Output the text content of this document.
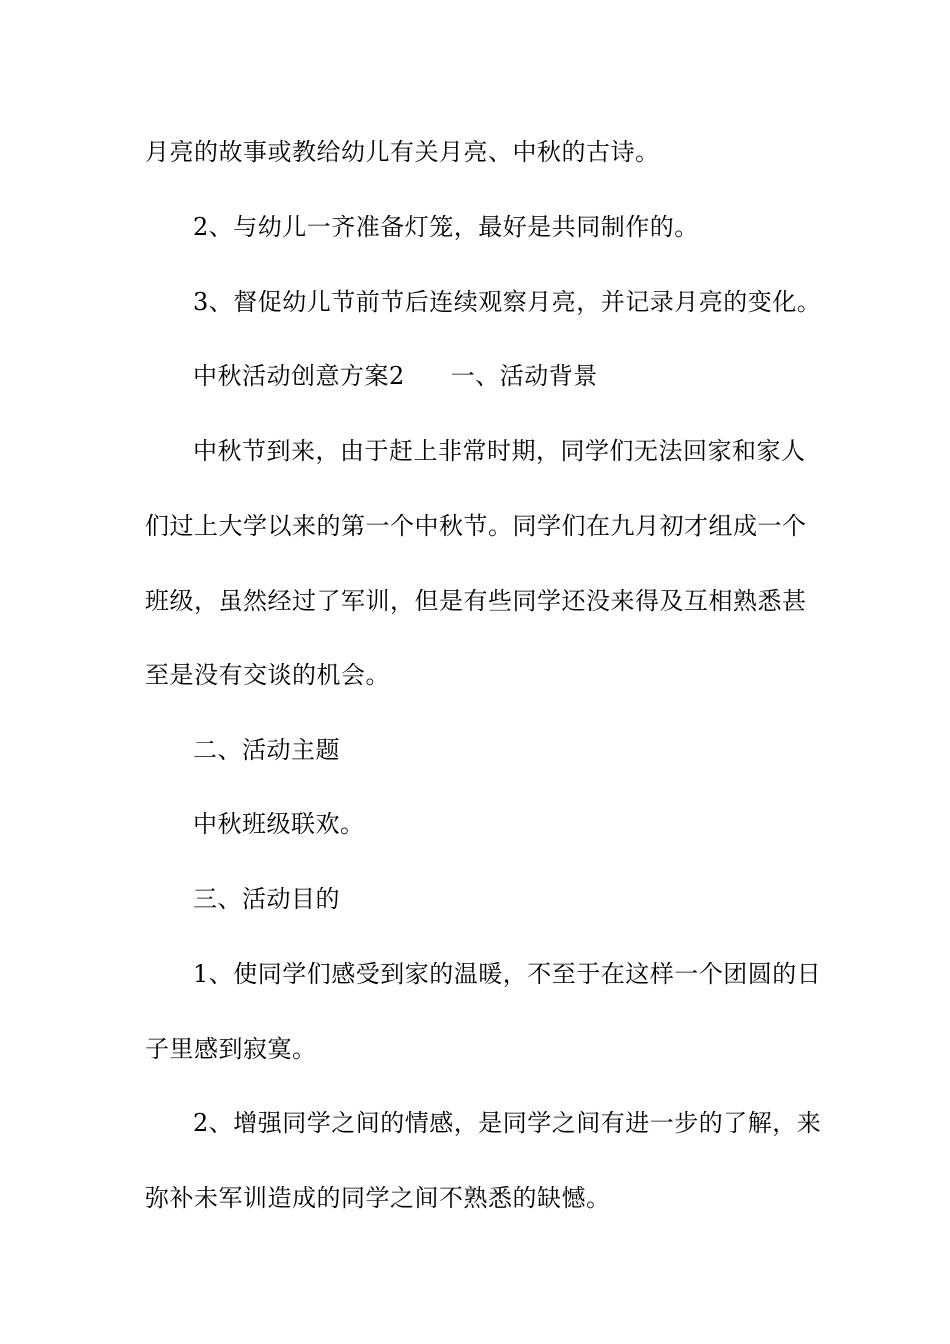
月亮的故事或教给幼儿有关月亮、中秋的古诗。
2、与幼儿一齐准备灯笼，最好是共同制作的。
3、督促幼儿节前节后连续观察月亮，并记录月亮的变化。
中秋活动创意方案2 一、活动背景
中秋节到来，由于赶上非常时期，同学们无法回家和家人
们过上大学以来的第一个中秋节。同学们在九月初才组成一个
班级，虽然经过了军训，但是有些同学还没来得及互相熟悉甚
至是没有交谈的机会。
二、活动主题
中秋班级联欢。
三、活动目的
1、使同学们感受到家的温暖，不至于在这样一个团圆的日
子里感到寂寞。
2、增强同学之间的情感，是同学之间有进一步的了解，来
弥补未军训造成的同学之间不熟悉的缺憾。
